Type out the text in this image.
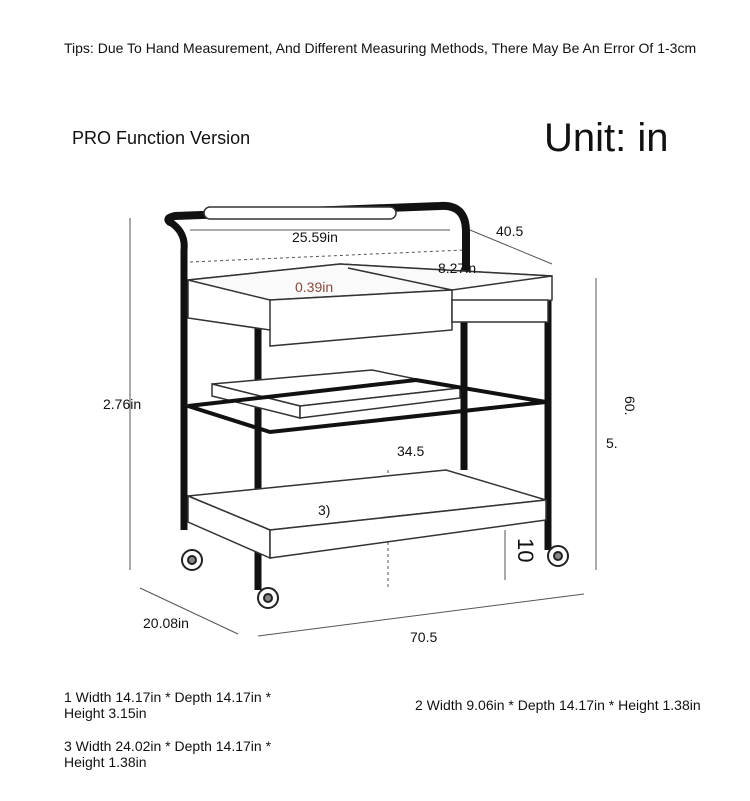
Tips: Due To Hand Measurement, And Different Measuring Methods, There May Be An Error Of 1-3cm
PRO Function Version	Unit: in
25.59in	40.5
8.27in
0.39in
2.76in	60.
5.
34.5
3)
10
20.08in
70.5
1 Width 14.17in * Depth 14.17in * Height 3.15in	2 Width 9.06in * Depth 14.17in * Height 1.38in
3 Width 24.02in * Depth 14.17in * Height 1.38in
